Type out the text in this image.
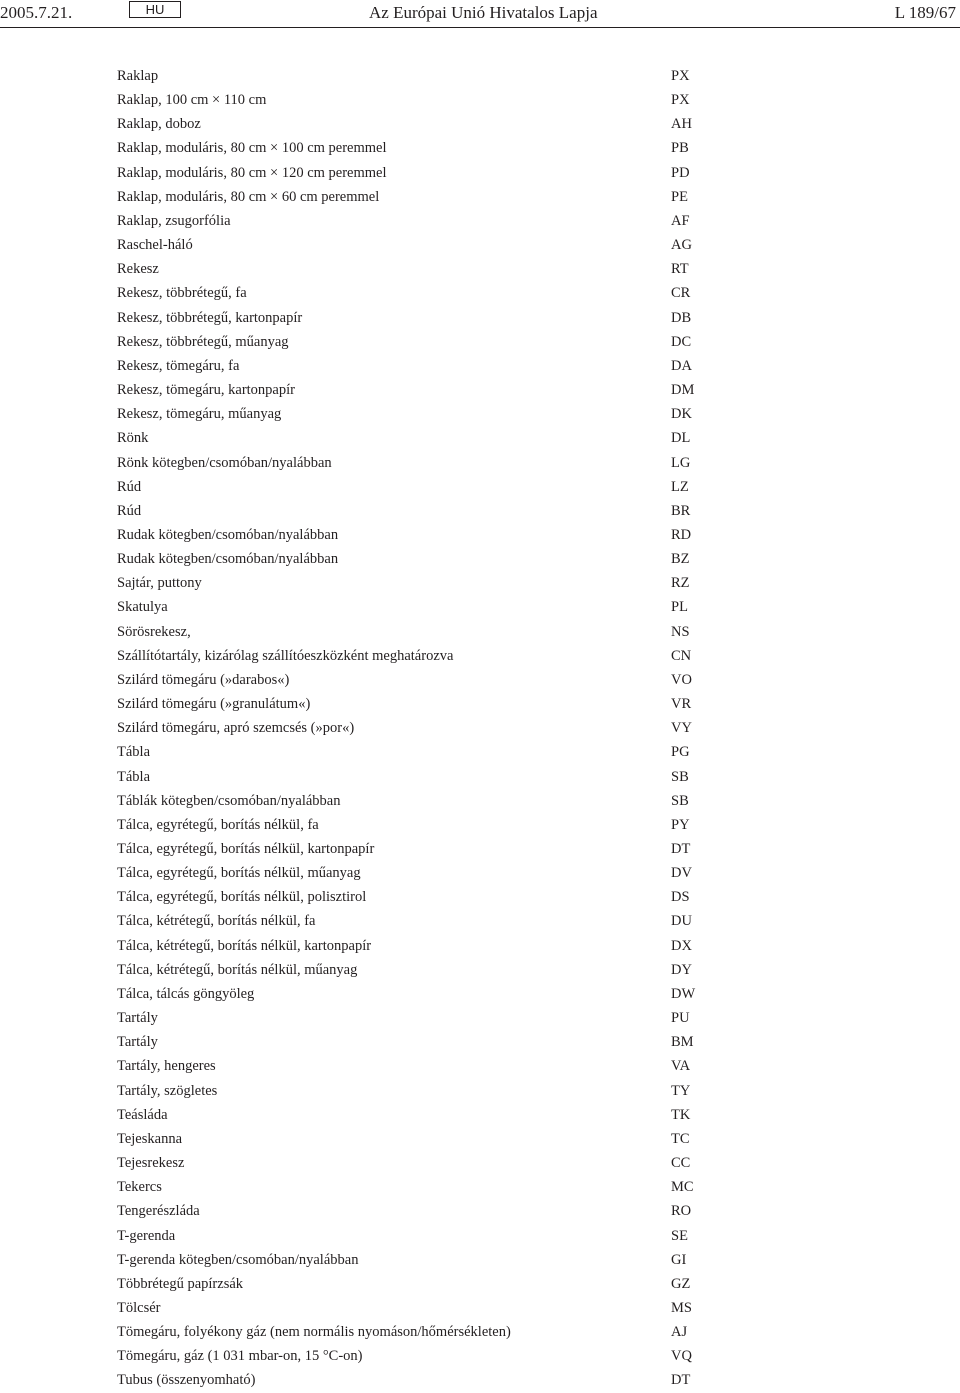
2005.7.21.	HU	Az Európai Unió Hivatalos Lapja	L 189/67
Raklap	PX
Raklap, 100 cm × 110 cm	PX
Raklap, doboz	AH
Raklap, moduláris, 80 cm × 100 cm peremmel	PB
Raklap, moduláris, 80 cm × 120 cm peremmel	PD
Raklap, moduláris, 80 cm × 60 cm peremmel	PE
Raklap, zsugorfólia	AF
Raschel-háló	AG
Rekesz	RT
Rekesz, többrétegű, fa	CR
Rekesz, többrétegű, kartonpapír	DB
Rekesz, többrétegű, műanyag	DC
Rekesz, tömegáru, fa	DA
Rekesz, tömegáru, kartonpapír	DM
Rekesz, tömegáru, műanyag	DK
Rönk	DL
Rönk kötegben/csomóban/nyalábban	LG
Rúd	LZ
Rúd	BR
Rudak kötegben/csomóban/nyalábban	RD
Rudak kötegben/csomóban/nyalábban	BZ
Sajtár, puttony	RZ
Skatulya	PL
Sörösrekesz,	NS
Szállítótartály, kizárólag szállítóeszközként meghatározva	CN
Szilárd tömegáru (»darabos«)	VO
Szilárd tömegáru (»granulátum«)	VR
Szilárd tömegáru, apró szemcsés (»por«)	VY
Tábla	PG
Tábla	SB
Táblák kötegben/csomóban/nyalábban	SB
Tálca, egyrétegű, borítás nélkül, fa	PY
Tálca, egyrétegű, borítás nélkül, kartonpapír	DT
Tálca, egyrétegű, borítás nélkül, műanyag	DV
Tálca, egyrétegű, borítás nélkül, polisztirol	DS
Tálca, kétrétegű, borítás nélkül, fa	DU
Tálca, kétrétegű, borítás nélkül, kartonpapír	DX
Tálca, kétrétegű, borítás nélkül, műanyag	DY
Tálca, tálcás göngyöleg	DW
Tartály	PU
Tartály	BM
Tartály, hengeres	VA
Tartály, szögletes	TY
Teásláda	TK
Tejeskanna	TC
Tejesrekesz	CC
Tekercs	MC
Tengerészláda	RO
T-gerenda	SE
T-gerenda kötegben/csomóban/nyalábban	GI
Többrétegű papírzsák	GZ
Tölcsér	MS
Tömegáru, folyékony gáz (nem normális nyomáson/hőmérsékleten)	AJ
Tömegáru, gáz (1 031 mbar-on, 15 °C-on)	VQ
Tubus (összenyomható)	DT
